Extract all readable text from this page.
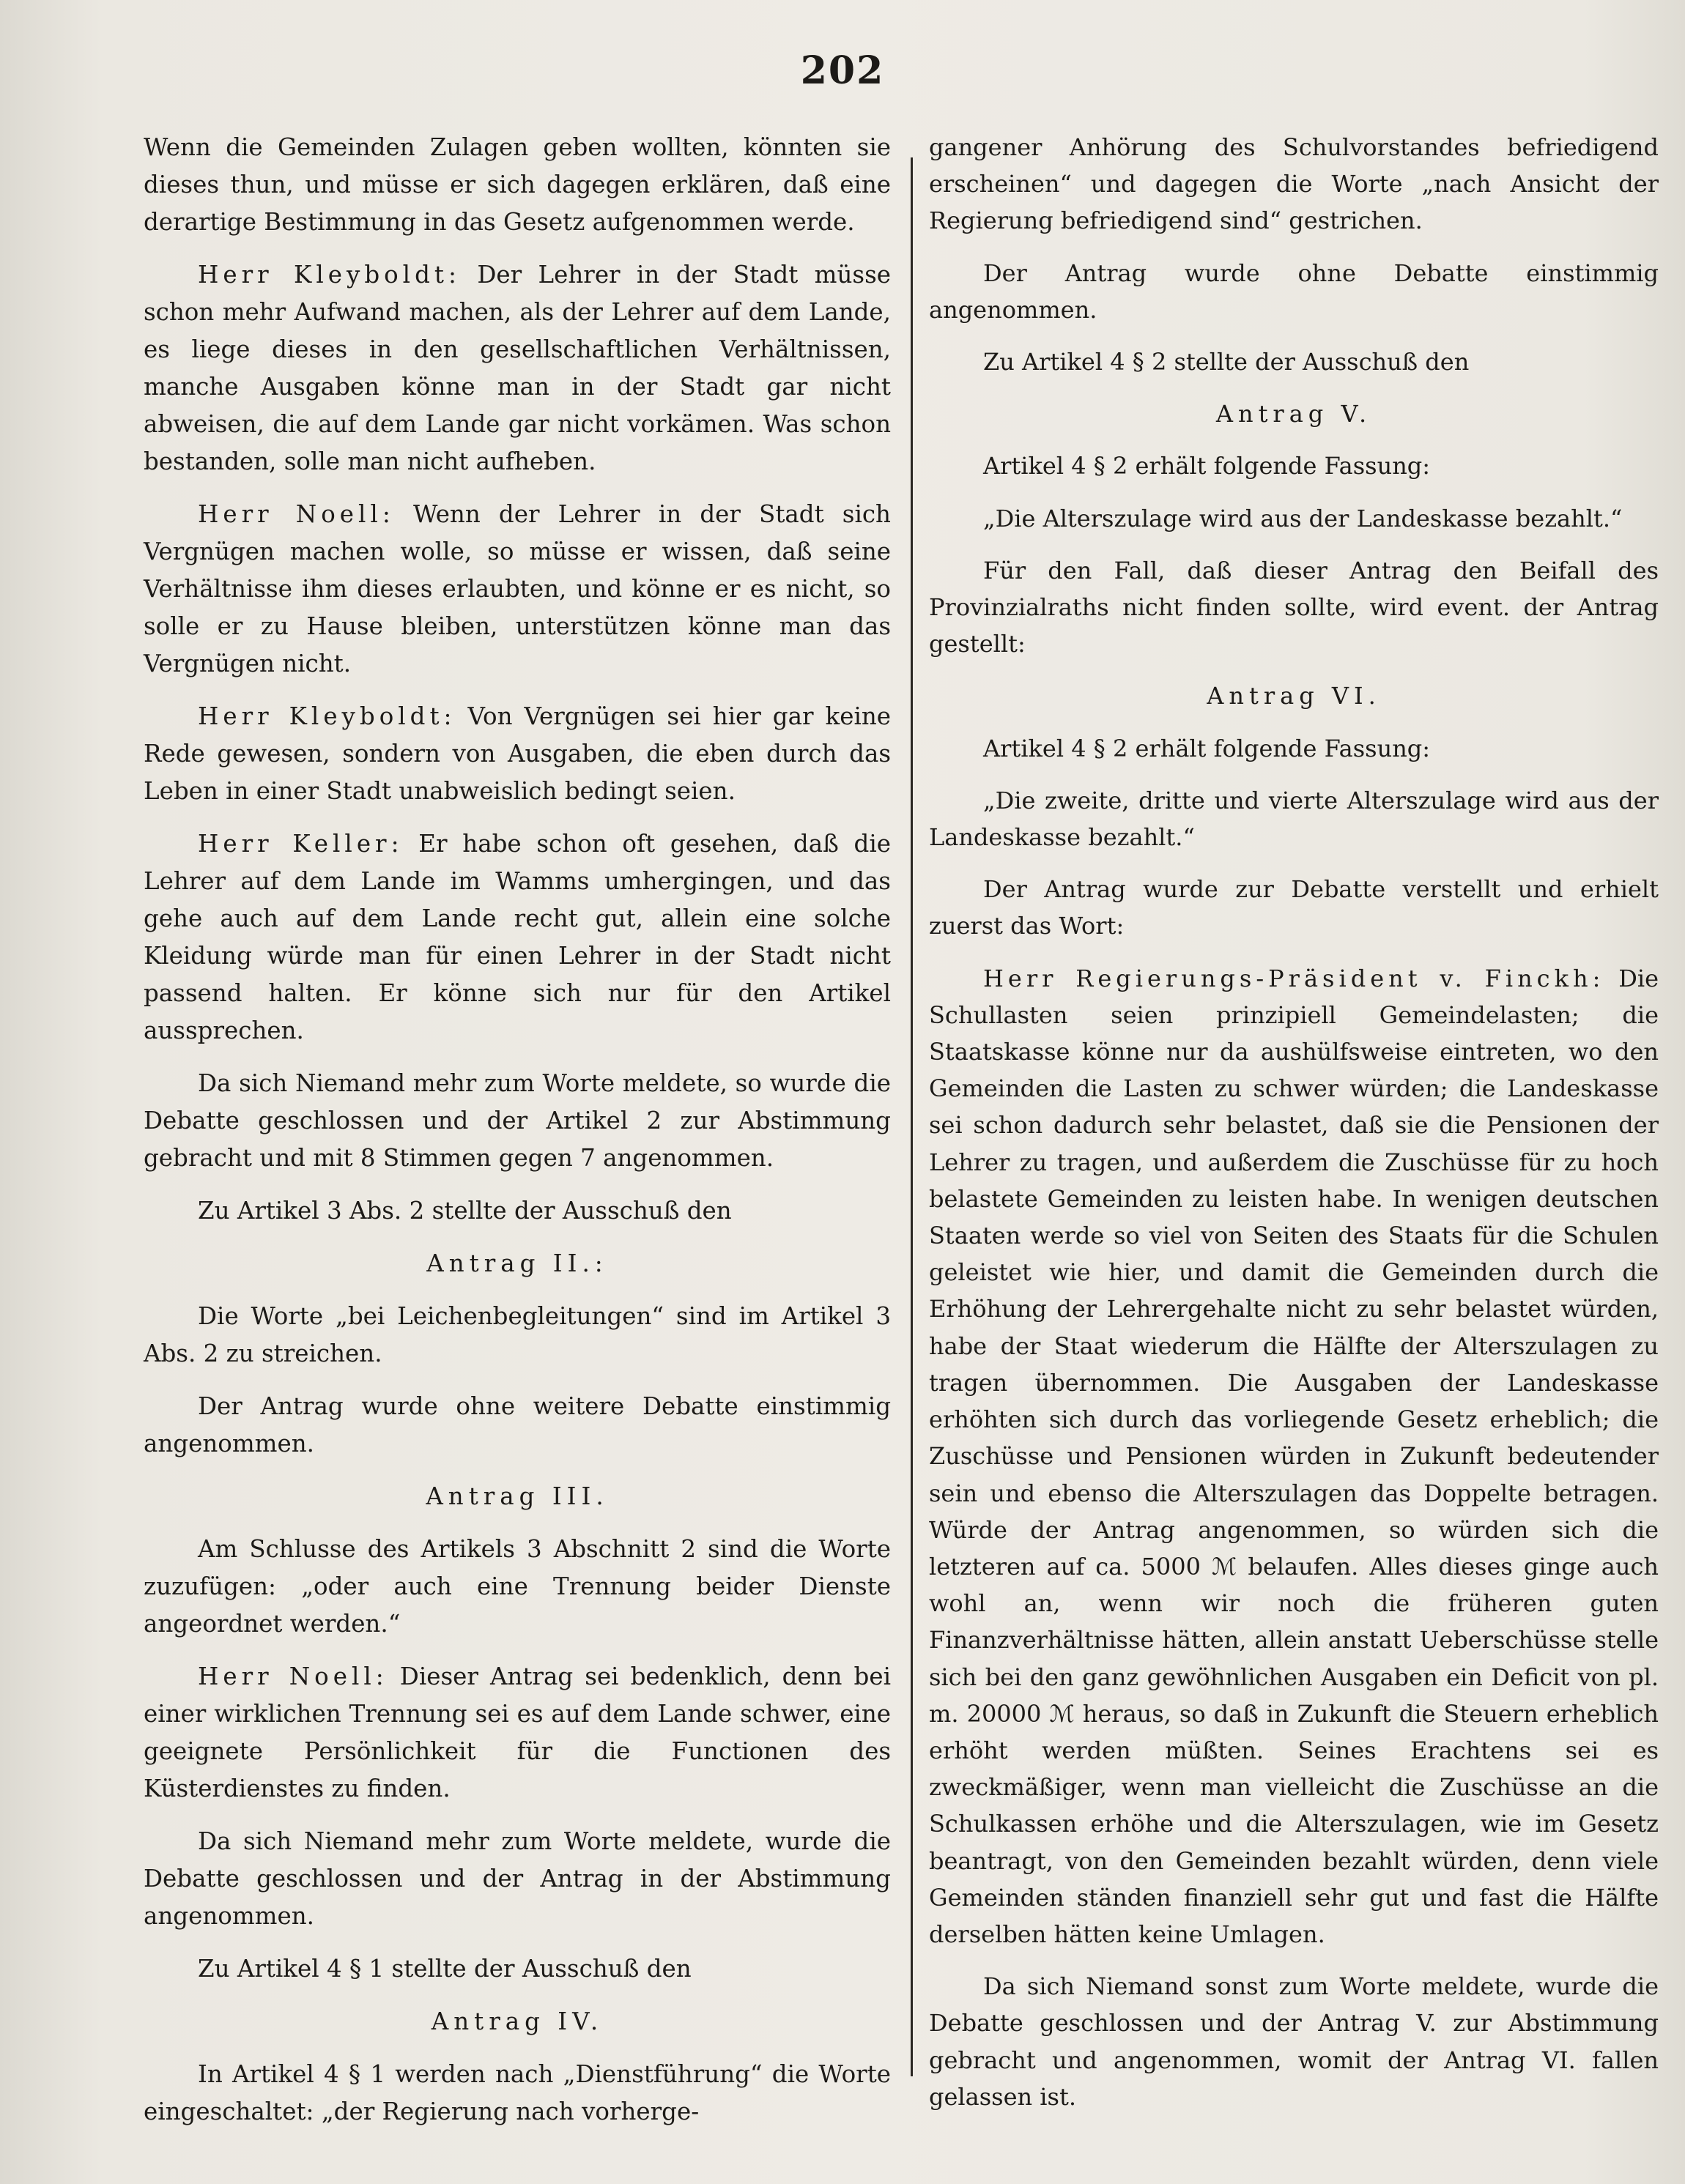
202
Wenn die Gemeinden Zulagen geben wollten, könnten sie dieses thun, und müsse er sich dagegen erklären, daß eine derartige Bestimmung in das Gesetz aufgenommen werde.
Herr Kleyboldt: Der Lehrer in der Stadt müsse schon mehr Aufwand machen, als der Lehrer auf dem Lande, es liege dieses in den gesellschaftlichen Verhältnissen, manche Ausgaben könne man in der Stadt gar nicht abweisen, die auf dem Lande gar nicht vorkämen. Was schon bestanden, solle man nicht aufheben.
Herr Noell: Wenn der Lehrer in der Stadt sich Vergnügen machen wolle, so müsse er wissen, daß seine Verhältnisse ihm dieses erlaubten, und könne er es nicht, so solle er zu Hause bleiben, unterstützen könne man das Vergnügen nicht.
Herr Kleyboldt: Von Vergnügen sei hier gar keine Rede gewesen, sondern von Ausgaben, die eben durch das Leben in einer Stadt unabweislich bedingt seien.
Herr Keller: Er habe schon oft gesehen, daß die Lehrer auf dem Lande im Wamms umhergingen, und das gehe auch auf dem Lande recht gut, allein eine solche Kleidung würde man für einen Lehrer in der Stadt nicht passend halten. Er könne sich nur für den Artikel aussprechen.
Da sich Niemand mehr zum Worte meldete, so wurde die Debatte geschlossen und der Artikel 2 zur Abstimmung gebracht und mit 8 Stimmen gegen 7 angenommen.
Zu Artikel 3 Abs. 2 stellte der Ausschuß den
Antrag II.:
Die Worte „bei Leichenbegleitungen“ sind im Artikel 3 Abs. 2 zu streichen.
Der Antrag wurde ohne weitere Debatte einstimmig angenommen.
Antrag III.
Am Schlusse des Artikels 3 Abschnitt 2 sind die Worte zuzufügen: „oder auch eine Trennung beider Dienste angeordnet werden.“
Herr Noell: Dieser Antrag sei bedenklich, denn bei einer wirklichen Trennung sei es auf dem Lande schwer, eine geeignete Persönlichkeit für die Functionen des Küsterdienstes zu finden.
Da sich Niemand mehr zum Worte meldete, wurde die Debatte geschlossen und der Antrag in der Abstimmung angenommen.
Zu Artikel 4 § 1 stellte der Ausschuß den
Antrag IV.
In Artikel 4 § 1 werden nach „Dienstführung“ die Worte eingeschaltet: „der Regierung nach vorherge-
gangener Anhörung des Schulvorstandes befriedigend erscheinen“ und dagegen die Worte „nach Ansicht der Regierung befriedigend sind“ gestrichen.
Der Antrag wurde ohne Debatte einstimmig angenommen.
Zu Artikel 4 § 2 stellte der Ausschuß den
Antrag V.
Artikel 4 § 2 erhält folgende Fassung:
„Die Alterszulage wird aus der Landeskasse bezahlt.“
Für den Fall, daß dieser Antrag den Beifall des Provinzialraths nicht finden sollte, wird event. der Antrag gestellt:
Antrag VI.
Artikel 4 § 2 erhält folgende Fassung:
„Die zweite, dritte und vierte Alterszulage wird aus der Landeskasse bezahlt.“
Der Antrag wurde zur Debatte verstellt und erhielt zuerst das Wort:
Herr Regierungs-Präsident v. Finckh: Die Schullasten seien prinzipiell Gemeindelasten; die Staatskasse könne nur da aushülfsweise eintreten, wo den Gemeinden die Lasten zu schwer würden; die Landeskasse sei schon dadurch sehr belastet, daß sie die Pensionen der Lehrer zu tragen, und außerdem die Zuschüsse für zu hoch belastete Gemeinden zu leisten habe. In wenigen deutschen Staaten werde so viel von Seiten des Staats für die Schulen geleistet wie hier, und damit die Gemeinden durch die Erhöhung der Lehrergehalte nicht zu sehr belastet würden, habe der Staat wiederum die Hälfte der Alterszulagen zu tragen übernommen. Die Ausgaben der Landeskasse erhöhten sich durch das vorliegende Gesetz erheblich; die Zuschüsse und Pensionen würden in Zukunft bedeutender sein und ebenso die Alterszulagen das Doppelte betragen. Würde der Antrag angenommen, so würden sich die letzteren auf ca. 5000 ℳ belaufen. Alles dieses ginge auch wohl an, wenn wir noch die früheren guten Finanzverhältnisse hätten, allein anstatt Ueberschüsse stelle sich bei den ganz gewöhnlichen Ausgaben ein Deficit von pl. m. 20000 ℳ heraus, so daß in Zukunft die Steuern erheblich erhöht werden müßten. Seines Erachtens sei es zweckmäßiger, wenn man vielleicht die Zuschüsse an die Schulkassen erhöhe und die Alterszulagen, wie im Gesetz beantragt, von den Gemeinden bezahlt würden, denn viele Gemeinden ständen finanziell sehr gut und fast die Hälfte derselben hätten keine Umlagen.
Da sich Niemand sonst zum Worte meldete, wurde die Debatte geschlossen und der Antrag V. zur Abstimmung gebracht und angenommen, womit der Antrag VI. fallen gelassen ist.
